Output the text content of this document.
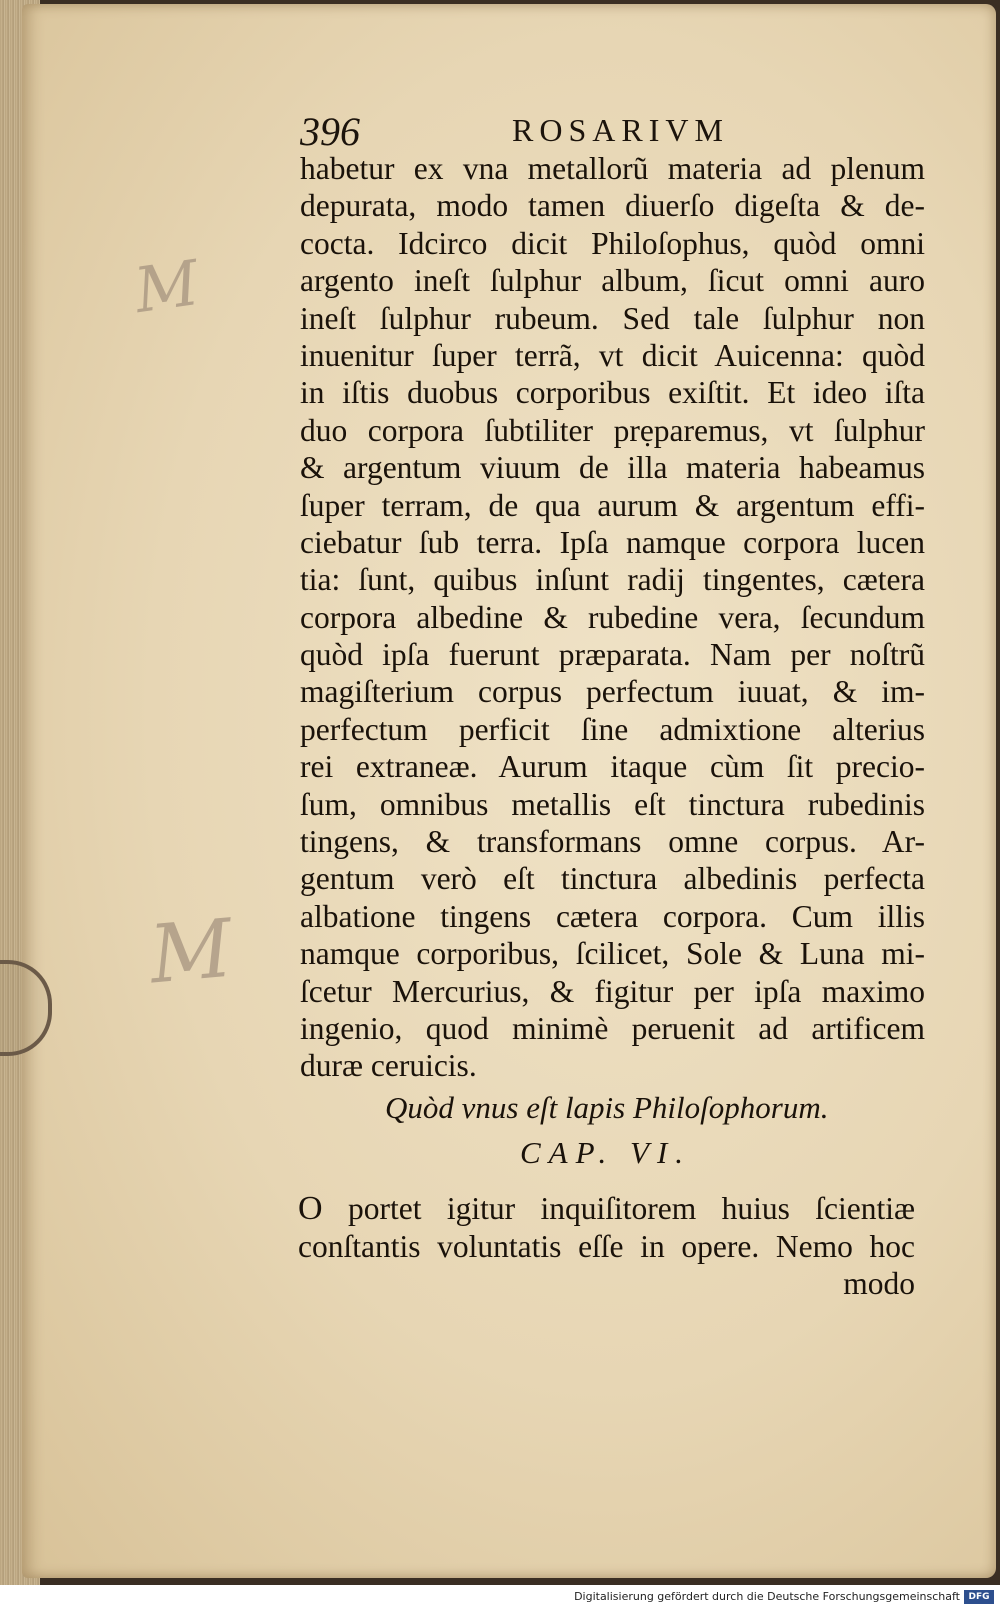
M
M
396	ROSARIVM
habetur ex vna metallorũ materia ad plenum
depurata, modo tamen diuerſo digeſta & de-
cocta. Idcirco dicit Philoſophus, quòd omni
argento ineſt ſulphur album, ſicut omni auro
ineſt ſulphur rubeum. Sed tale ſulphur non
inuenitur ſuper terrã, vt dicit Auicenna: quòd
in iſtis duobus corporibus exiſtit. Et ideo iſta
duo corpora ſubtiliter prẹparemus, vt ſulphur
& argentum viuum de illa materia habeamus
ſuper terram, de qua aurum & argentum effi-
ciebatur ſub terra. Ipſa namque corpora lucen
tia: ſunt, quibus inſunt radij tingentes, cætera
corpora albedine & rubedine vera, ſecundum
quòd ipſa fuerunt præparata. Nam per noſtrũ
magiſterium corpus perfectum iuuat, & im-
perfectum perficit ſine admixtione alterius
rei extraneæ. Aurum itaque cùm ſit precio-
ſum, omnibus metallis eſt tinctura rubedinis
tingens, & transformans omne corpus. Ar-
gentum verò eſt tinctura albedinis perfecta
albatione tingens cætera corpora. Cum illis
namque corporibus, ſcilicet, Sole & Luna mi-
ſcetur Mercurius, & figitur per ipſa maximo
ingenio, quod minimè peruenit ad artificem
duræ ceruicis.
Quòd vnus eſt lapis Philoſophorum.
CAP. VI.
O portet igitur inquiſitorem huius ſcientiæ
conſtantis voluntatis eſſe in opere. Nemo hoc
modo
Digitalisierung gefördert durch die Deutsche Forschungsgemeinschaft DFG
